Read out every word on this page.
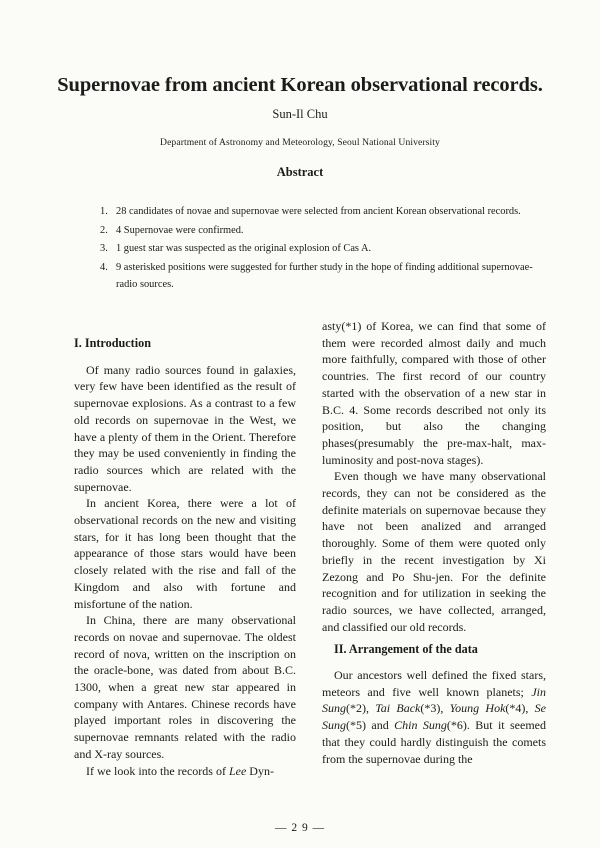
Supernovae from ancient Korean observational records.
Sun-Il Chu
Department of Astronomy and Meteorology, Seoul National University
Abstract
1. 28 candidates of novae and supernovae were selected from ancient Korean observational records.
2. 4 Supernovae were confirmed.
3. 1 guest star was suspected as the original explosion of Cas A.
4. 9 asterisked positions were suggested for further study in the hope of finding additional supernovae-radio sources.
I. Introduction

Of many radio sources found in galaxies, very few have been identified as the result of supernovae explosions. As a contrast to a few old records on supernovae in the West, we have a plenty of them in the Orient. Therefore they may be used conveniently in finding the radio sources which are related with the supernovae.

In ancient Korea, there were a lot of observational records on the new and visiting stars, for it has long been thought that the appearance of those stars would have been closely related with the rise and fall of the Kingdom and also with fortune and misfortune of the nation.

In China, there are many observational records on novae and supernovae. The oldest record of nova, written on the inscription on the oracle-bone, was dated from about B.C. 1300, when a great new star appeared in company with Antares. Chinese records have played important roles in discovering the supernovae remnants related with the radio and X-ray sources.

If we look into the records of Lee Dyn-

asty(*1) of Korea, we can find that some of them were recorded almost daily and much more faithfully, compared with those of other countries. The first record of our country started with the observation of a new star in B.C. 4. Some records described not only its position, but also the changing phases(presumably the pre-max-halt, max-luminosity and post-nova stages).

Even though we have many observational records, they can not be considered as the definite materials on supernovae because they have not been analized and arranged thoroughly. Some of them were quoted only briefly in the recent investigation by Xi Zezong and Po Shu-jen. For the definite recognition and for utilization in seeking the radio sources, we have collected, arranged, and classified our old records.

II. Arrangement of the data

Our ancestors well defined the fixed stars, meteors and five well known planets; Jin Sung(*2), Tai Back(*3), Young Hok(*4), Se Sung(*5) and Chin Sung(*6). But it seemed that they could hardly distinguish the comets from the supernovae during the

— 2 9 —
